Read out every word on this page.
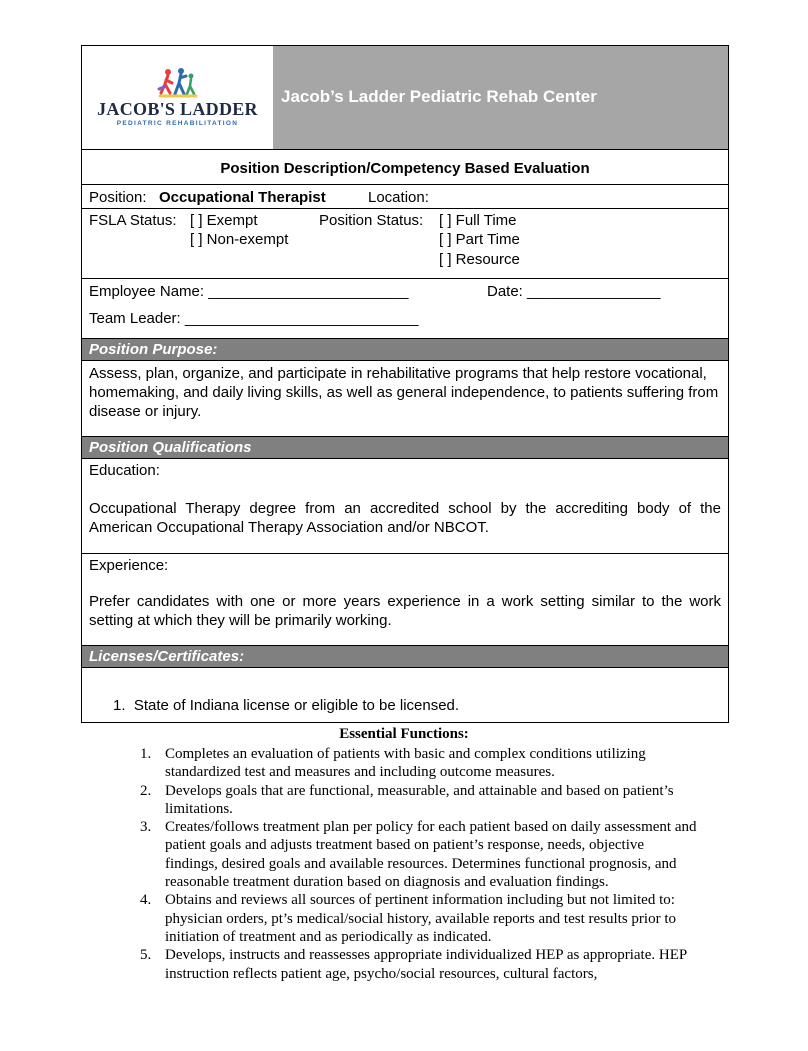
JACOB'S LADDER
PEDIATRIC REHABILITATION
Jacob’s Ladder Pediatric Rehab Center
Position Description/Competency Based Evaluation
Position: Occupational Therapist	Location:
FSLA Status: [ ] Exempt
[ ] Non-exempt
Position Status: [ ] Full Time
[ ] Part Time
[ ] Resource
Employee Name: ________________________	Date: ________________
Team Leader: ____________________________
Position Purpose:
Assess, plan, organize, and participate in rehabilitative programs that help restore vocational, homemaking, and daily living skills, as well as general independence, to patients suffering from disease or injury.
Position Qualifications
Education:
Occupational Therapy degree from an accredited school by the accrediting body of the American Occupational Therapy Association and/or NBCOT.
Experience:
Prefer candidates with one or more years experience in a work setting similar to the work setting at which they will be primarily working.
Licenses/Certificates:
1.  State of Indiana license or eligible to be licensed.
Essential Functions:
1. Completes an evaluation of patients with basic and complex conditions utilizing standardized test and measures and including outcome measures.
2. Develops goals that are functional, measurable, and attainable and based on patient’s limitations.
3. Creates/follows treatment plan per policy for each patient based on daily assessment and patient goals and adjusts treatment based on patient’s response, needs, objective findings, desired goals and available resources. Determines functional prognosis, and reasonable treatment duration based on diagnosis and evaluation findings.
4. Obtains and reviews all sources of pertinent information including but not limited to: physician orders, pt’s medical/social history, available reports and test results prior to initiation of treatment and as periodically as indicated.
5. Develops, instructs and reassesses appropriate individualized HEP as appropriate. HEP instruction reflects patient age, psycho/social resources, cultural factors,
